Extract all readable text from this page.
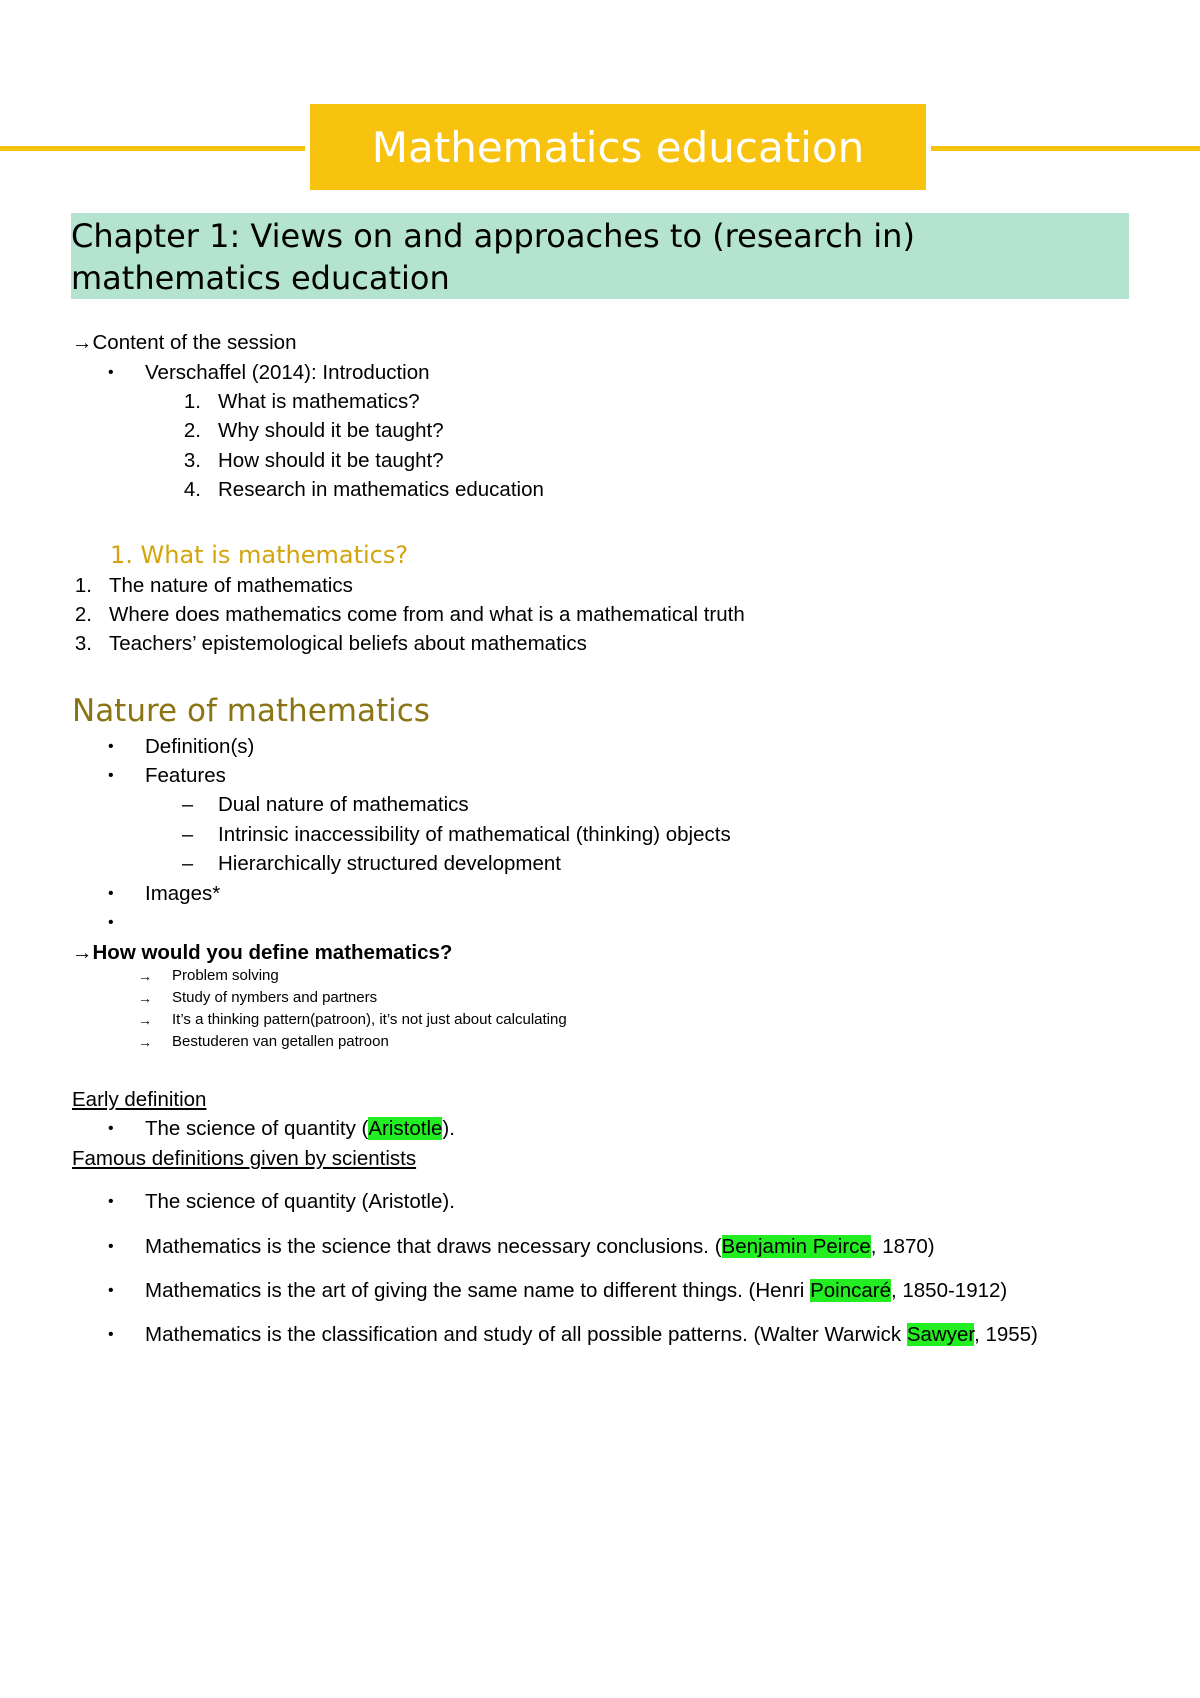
Mathematics education
Chapter 1: Views on and approaches to (research in)
mathematics education
→Content of the session
• Verschaffel (2014): Introduction
1. What is mathematics?
2. Why should it be taught?
3. How should it be taught?
4. Research in mathematics education
1. What is mathematics?
1. The nature of mathematics
2. Where does mathematics come from and what is a mathematical truth
3. Teachers’ epistemological beliefs about mathematics
Nature of mathematics
• Definition(s)
• Features
– Dual nature of mathematics
– Intrinsic inaccessibility of mathematical (thinking) objects
– Hierarchically structured development
• Images*
•
→How would you define mathematics?
→ Problem solving
→ Study of nymbers and partners
→ It’s a thinking pattern(patroon), it’s not just about calculating
→ Bestuderen van getallen patroon
Early definition
• The science of quantity (Aristotle).
Famous definitions given by scientists
• The science of quantity (Aristotle).
• Mathematics is the science that draws necessary conclusions. (Benjamin Peirce, 1870)
• Mathematics is the art of giving the same name to different things. (Henri Poincaré, 1850-1912)
• Mathematics is the classification and study of all possible patterns. (Walter Warwick Sawyer, 1955)
